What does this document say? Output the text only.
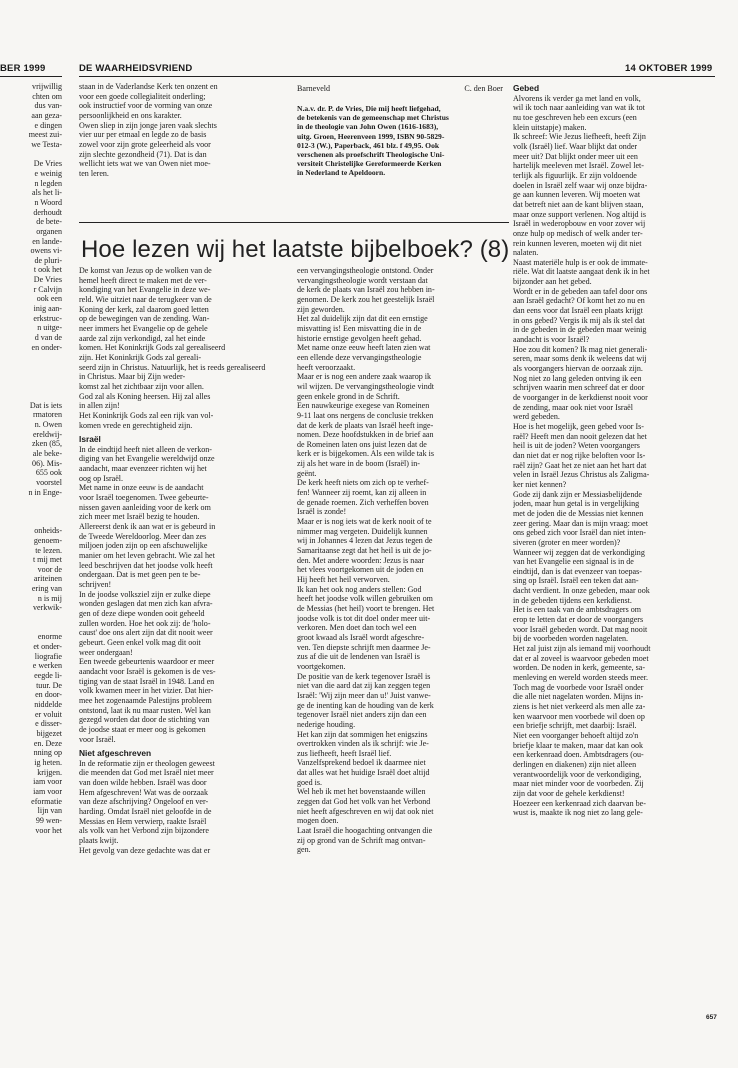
BER 1999	DE WAARHEIDSVRIEND	14 OKTOBER 1999
vrijwillig
chten om
dus van-
aan geza-
e dingen
meest zui-
we Testa-

De Vries
e weinig
n legden
als het li-
n Woord
derhoudt
de bete-
organen
en lande-
owens vi-
de pluri-
t ook het
De Vries
r Calvijn
ook een
inig aan-
erkstruc-
n uitge-
d van de
en onder-

Dat is iets
rmatoren
n. Owen
ereldwij-
zken (85,
ale beke-
06). Mis-
655 ook
voorstel
n in Enge-

onheids-
genoem-
te lezen.
t mij met
voor de
ariteinen
ering van
n is mij
verkwik-

enorme
et onder-
liografie
e werken
eegde li-
tuur. De
en door-
niddelde
er voluit
e disser-
bijgezet
en. Deze
nning op
ig heten.
krijgen.
iam voor
iam voor
eformatie
lijn van
99 wen-
voor het

staan in de Vaderlandse Kerk ten onzent en
voor een goede collegialiteit onderling;
ook instructief voor de vorming van onze
persoonlijkheid en ons karakter.
Owen sliep in zijn jonge jaren vaak slechts
vier uur per etmaal en legde zo de basis
zowel voor zijn grote geleerheid als voor
zijn slechte gezondheid (71). Dat is dan
wellicht iets wat we van Owen niet moe-
ten leren.

Barneveld	C. den Boer
N.a.v. dr. P. de Vries, Die mij heeft liefgehad,
de betekenis van de gemeenschap met Christus
in de theologie van John Owen (1616-1683),
uitg. Groen, Heerenveen 1999, ISBN 90-5829-
012-3 (W.), Paperback, 461 blz. f 49,95. Ook
verschenen als proefschrift Theologische Uni-
versiteit Christelijke Gereformeerde Kerken
in Nederland te Apeldoorn.
Hoe lezen wij het laatste bijbelboek? (8)

De komst van Jezus op de wolken van de
hemel heeft direct te maken met de ver-
kondiging van het Evangelie in deze we-
reld. Wie uitziet naar de terugkeer van de
Koning der kerk, zal daarom goed letten
op de bewegingen van de zending. Wan-
neer immers het Evangelie op de gehele
aarde zal zijn verkondigd, zal het einde
komen. Het Koninkrijk Gods zal gerealiseerd
zijn. Het Koninkrijk Gods zal gereali-
seerd zijn in Christus. Natuurlijk, het is reeds gerealiseerd
in Christus. Maar bij Zijn weder-
komst zal het zichtbaar zijn voor allen.
God zal als Koning heersen. Hij zal alles
in allen zijn!
Het Koninkrijk Gods zal een rijk van vol-
komen vrede en gerechtigheid zijn.

Israël

In de eindtijd heeft niet alleen de verkon-
diging van het Evangelie wereldwijd onze
aandacht, maar evenzeer richten wij het
oog op Israël.
Met name in onze eeuw is de aandacht
voor Israël toegenomen. Twee gebeurte-
nissen gaven aanleiding voor de kerk om
zich meer met Israël bezig te houden.
Allereerst denk ik aan wat er is gebeurd in
de Tweede Wereldoorlog. Meer dan zes
miljoen joden zijn op een afschuwelijke
manier om het leven gebracht. Wie zal het
leed beschrijven dat het joodse volk heeft
ondergaan. Dat is met geen pen te be-
schrijven!
In de joodse volksziel zijn er zulke diepe
wonden geslagen dat men zich kan afvra-
gen of deze diepe wonden ooit geheeld
zullen worden. Hoe het ook zij: de 'holo-
caust' doe ons alert zijn dat dit nooit weer
gebeurt. Geen enkel volk mag dit ooit
weer ondergaan!
Een tweede gebeurtenis waardoor er meer
aandacht voor Israël is gekomen is de ves-
tiging van de staat Israël in 1948. Land en
volk kwamen meer in het vizier. Dat hier-
mee het zogenaamde Palestijns probleem
ontstond, laat ik nu maar rusten. Wel kan
gezegd worden dat door de stichting van
de joodse staat er meer oog is gekomen
voor Israël.

Niet afgeschreven

In de reformatie zijn er theologen geweest
die meenden dat God met Israël niet meer
van doen wilde hebben. Israël was door
Hem afgeschreven! Wat was de oorzaak
van deze afschrijving? Ongeloof en ver-
harding. Omdat Israël niet geloofde in de
Messias en Hem verwierp, raakte Israël
als volk van het Verbond zijn bijzondere
plaats kwijt.
Het gevolg van deze gedachte was dat er

een vervangingstheologie ontstond. Onder
vervangingstheologie wordt verstaan dat
de kerk de plaats van Israël zou hebben in-
genomen. De kerk zou het geestelijk Israël
zijn geworden.
Het zal duidelijk zijn dat dit een ernstige
misvatting is! Een misvatting die in de
historie ernstige gevolgen heeft gehad.
Met name onze eeuw heeft laten zien wat
een ellende deze vervangingstheologie
heeft veroorzaakt.
Maar er is nog een andere zaak waarop ik
wil wijzen. De vervangingstheologie vindt
geen enkele grond in de Schrift.
Een nauwkeurige exegese van Romeinen
9-11 laat ons nergens de conclusie trekken
dat de kerk de plaats van Israël heeft inge-
nomen. Deze hoofdstukken in de brief aan
de Romeinen laten ons juist lezen dat de
kerk er is bijgekomen. Als een wilde tak is
zij als het ware in de boom (Israël) in-
geënt.
De kerk heeft niets om zich op te verhef-
fen! Wanneer zij roemt, kan zij alleen in
de genade roemen. Zich verheffen boven
Israël is zonde!
Maar er is nog iets wat de kerk nooit of te
nimmer mag vergeten. Duidelijk kunnen
wij in Johannes 4 lezen dat Jezus tegen de
Samaritaanse zegt dat het heil is uit de jo-
den. Met andere woorden: Jezus is naar
het vlees voortgekomen uit de joden en
Hij heeft het heil verworven.
Ik kan het ook nog anders stellen: God
heeft het joodse volk willen gebruiken om
de Messias (het heil) voort te brengen. Het
joodse volk is tot dit doel onder meer uit-
verkoren. Men doet dan toch wel een
groot kwaad als Israël wordt afgeschre-
ven. Ten diepste schrijft men daarmee Je-
zus af die uit de lendenen van Israël is
voortgekomen.
De positie van de kerk tegenover Israël is
niet van die aard dat zij kan zeggen tegen
Israël: 'Wij zijn meer dan u!' Juist vanwe-
ge de inenting kan de houding van de kerk
tegenover Israël niet anders zijn dan een
nederige houding.
Het kan zijn dat sommigen het enigszins
overtrokken vinden als ik schrijf: wie Je-
zus liefheeft, heeft Israël lief.
Vanzelfsprekend bedoel ik daarmee niet
dat alles wat het huidige Israël doet altijd
goed is.
Wel heb ik met het bovenstaande willen
zeggen dat God het volk van het Verbond
niet heeft afgeschreven en wij dat ook niet
mogen doen.
Laat Israël die hoogachting ontvangen die
zij op grond van de Schrift mag ontvan-
gen.

Gebed

Alvorens ik verder ga met land en volk,
wil ik toch naar aanleiding van wat ik tot
nu toe geschreven heb een excurs (een
klein uitstapje) maken.
Ik schreef: Wie Jezus liefheeft, heeft Zijn
volk (Israël) lief. Waar blijkt dat onder
meer uit? Dat blijkt onder meer uit een
hartelijk meeleven met Israël. Zowel let-
terlijk als figuurlijk. Er zijn voldoende
doelen in Israël zelf waar wij onze bijdra-
ge aan kunnen leveren. Wij moeten wat
dat betreft niet aan de kant blijven staan,
maar onze support verlenen. Nog altijd is
Israël in wederopbouw en voor zover wij
onze hulp op medisch of welk ander ter-
rein kunnen leveren, moeten wij dit niet
nalaten.
Naast materiële hulp is er ook de immate-
riële. Wat dit laatste aangaat denk ik in het
bijzonder aan het gebed.
Wordt er in de gebeden aan tafel door ons
aan Israël gedacht? Of komt het zo nu en
dan eens voor dat Israël een plaats krijgt
in ons gebed? Vergis ik mij als ik stel dat
in de gebeden in de gebeden maar weinig
aandacht is voor Israël?
Hoe zou dit komen? Ik mag niet generali-
seren, maar soms denk ik weleens dat wij
als voorgangers hiervan de oorzaak zijn.
Nog niet zo lang geleden ontving ik een
schrijven waarin men schreef dat er door
de voorganger in de kerkdienst nooit voor
de zending, maar ook niet voor Israël
werd gebeden.
Hoe is het mogelijk, geen gebed voor Is-
raël? Heeft men dan nooit gelezen dat het
heil is uit de joden? Weten voorgangers
dan niet dat er nog rijke beloften voor Is-
raël zijn? Gaat het ze niet aan het hart dat
velen in Israël Jezus Christus als Zaligma-
ker niet kennen?
Gode zij dank zijn er Messiasbelijdende
joden, maar hun getal is in vergelijking
met de joden die de Messias niet kennen
zeer gering. Maar dan is mijn vraag: moet
ons gebed zich voor Israël dan niet inten-
siveren (groter en meer worden)?
Wanneer wij zeggen dat de verkondiging
van het Evangelie een signaal is in de
eindtijd, dan is dat evenzeer van toepas-
sing op Israël. Israël een teken dat aan-
dacht verdient. In onze gebeden, maar ook
in de gebeden tijdens een kerkdienst.
Het is een taak van de ambtsdragers om
erop te letten dat er door de voorgangers
voor Israël gebeden wordt. Dat mag nooit
bij de voorbeden worden nagelaten.
Het zal juist zijn als iemand mij voorhoudt
dat er al zoveel is waarvoor gebeden moet
worden. De noden in kerk, gemeente, sa-
menleving en wereld worden steeds meer.
Toch mag de voorbede voor Israël onder
die alle niet nagelaten worden. Mijns in-
ziens is het niet verkeerd als men alle za-
ken waarvoor men voorbede wil doen op
een briefje schrijft, met daarbij: Israël.
Niet een voorganger behoeft altijd zo'n
briefje klaar te maken, maar dat kan ook
een kerkenraad doen. Ambtsdragers (ou-
derlingen en diakenen) zijn niet alleen
verantwoordelijk voor de verkondiging,
maar niet minder voor de voorbeden. Zij
zijn dat voor de gehele kerkdienst!
Hoezeer een kerkenraad zich daarvan be-
wust is, maakte ik nog niet zo lang gele-

657
